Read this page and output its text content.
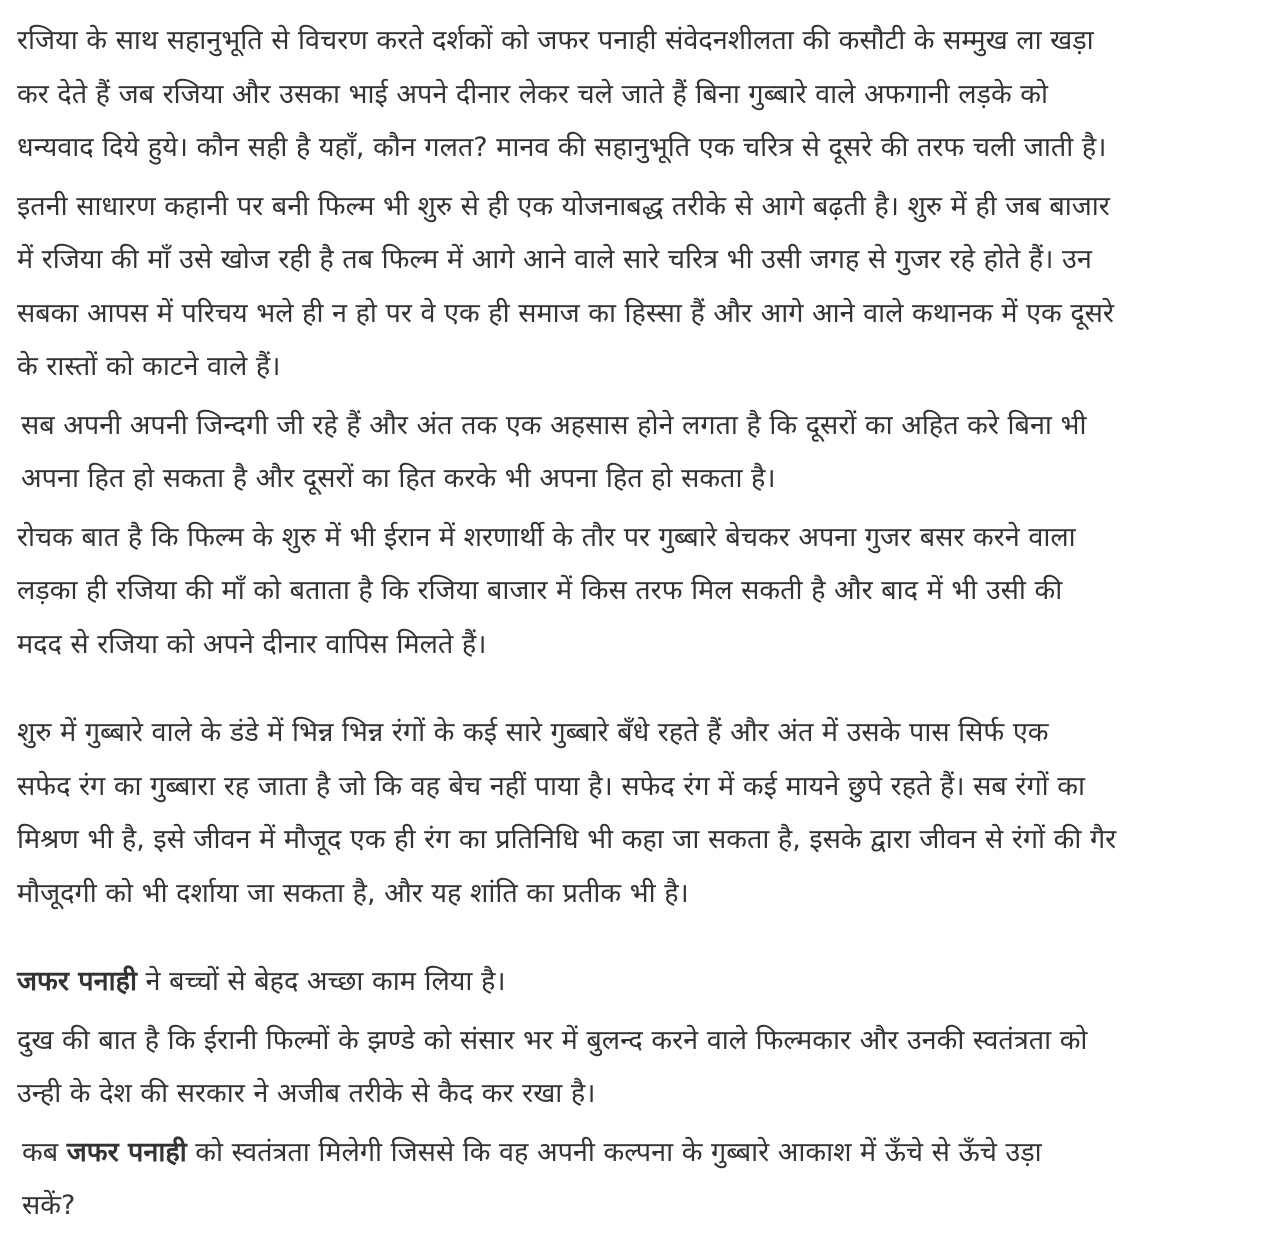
रजिया के साथ सहानुभूति से विचरण करते दर्शकों को जफर पनाही संवेदनशीलता की कसौटी के सम्मुख ला खड़ा
कर देते हैं जब रजिया और उसका भाई अपने दीनार लेकर चले जाते हैं बिना गुब्बारे वाले अफगानी लड़के को
धन्यवाद दिये हुये। कौन सही है यहाँ, कौन गलत? मानव की सहानुभूति एक चरित्र से दूसरे की तरफ चली जाती है।

इतनी साधारण कहानी पर बनी फिल्म भी शुरु से ही एक योजनाबद्ध तरीके से आगे बढ़ती है। शुरु में ही जब बाजार
में रजिया की माँ उसे खोज रही है तब फिल्म में आगे आने वाले सारे चरित्र भी उसी जगह से गुजर रहे होते हैं। उन
सबका आपस में परिचय भले ही न हो पर वे एक ही समाज का हिस्सा हैं और आगे आने वाले कथानक में एक दूसरे
के रास्तों को काटने वाले हैं।

सब अपनी अपनी जिन्दगी जी रहे हैं और अंत तक एक अहसास होने लगता है कि दूसरों का अहित करे बिना भी
अपना हित हो सकता है और दूसरों का हित करके भी अपना हित हो सकता है।

रोचक बात है कि फिल्म के शुरु में भी ईरान में शरणार्थी के तौर पर गुब्बारे बेचकर अपना गुजर बसर करने वाला
लड़का ही रजिया की माँ को बताता है कि रजिया बाजार में किस तरफ मिल सकती है और बाद में भी उसी की
मदद से रजिया को अपने दीनार वापिस मिलते हैं।

शुरु में गुब्बारे वाले के डंडे में भिन्न भिन्न रंगों के कई सारे गुब्बारे बँधे रहते हैं और अंत में उसके पास सिर्फ एक
सफेद रंग का गुब्बारा रह जाता है जो कि वह बेच नहीं पाया है। सफेद रंग में कई मायने छुपे रहते हैं। सब रंगों का
मिश्रण भी है, इसे जीवन में मौजूद एक ही रंग का प्रतिनिधि भी कहा जा सकता है, इसके द्वारा जीवन से रंगों की गैर
मौजूदगी को भी दर्शाया जा सकता है, और यह शांति का प्रतीक भी है।

जफर पनाही ने बच्चों से बेहद अच्छा काम लिया है।

दुख की बात है कि ईरानी फिल्मों के झण्डे को संसार भर में बुलन्द करने वाले फिल्मकार और उनकी स्वतंत्रता को
उन्ही के देश की सरकार ने अजीब तरीके से कैद कर रखा है।

कब जफर पनाही को स्वतंत्रता मिलेगी जिससे कि वह अपनी कल्पना के गुब्बारे आकाश में ऊँचे से ऊँचे उड़ा
सकें?
